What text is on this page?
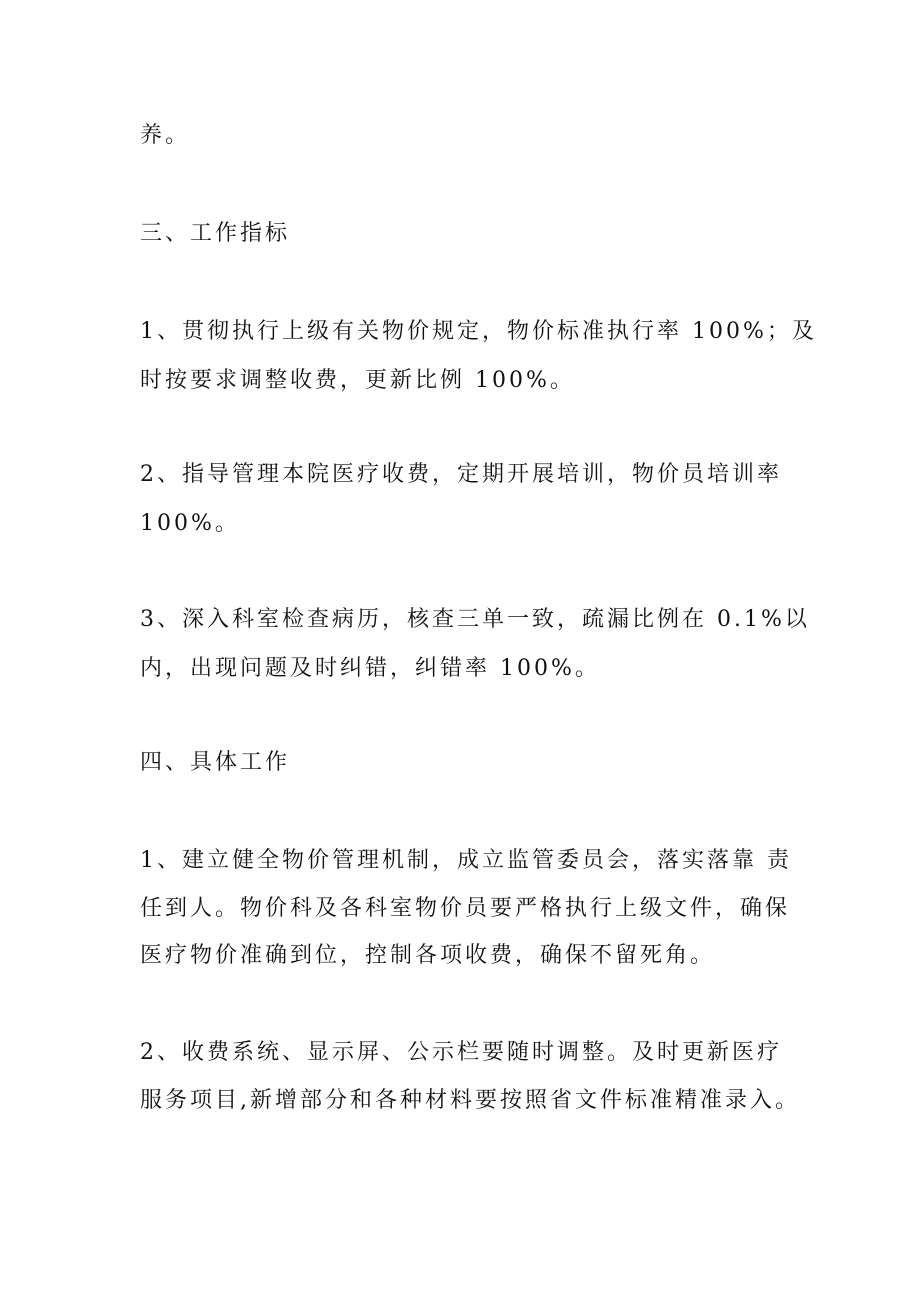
养。
三、工作指标
1、贯彻执行上级有关物价规定，物价标准执行率 100%；及
时按要求调整收费，更新比例 100%。
2、指导管理本院医疗收费，定期开展培训，物价员培训率
100%。
3、深入科室检查病历，核查三单一致，疏漏比例在 0.1%以
内，出现问题及时纠错，纠错率 100%。
四、具体工作
1、建立健全物价管理机制，成立监管委员会，落实落靠 责
任到人。物价科及各科室物价员要严格执行上级文件，确保
医疗物价准确到位，控制各项收费，确保不留死角。
2、收费系统、显示屏、公示栏要随时调整。及时更新医疗
服务项目,新增部分和各种材料要按照省文件标准精准录入。
